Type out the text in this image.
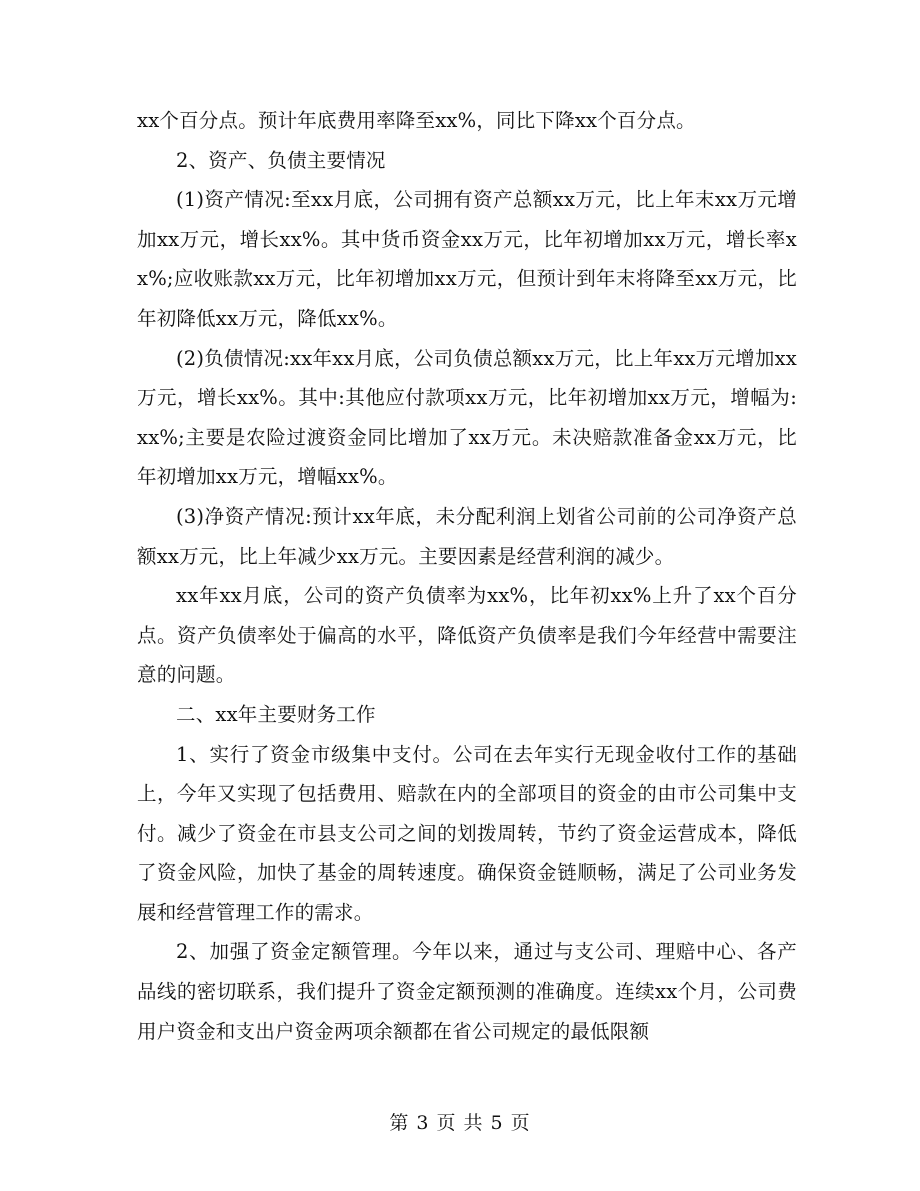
xx个百分点。预计年底费用率降至xx%，同比下降xx个百分点。

2、资产、负债主要情况

(1)资产情况:至xx月底，公司拥有资产总额xx万元，比上年末xx万元增加xx万元，增长xx%。其中货币资金xx万元，比年初增加xx万元，增长率xx%;应收账款xx万元，比年初增加xx万元，但预计到年末将降至xx万元，比年初降低xx万元，降低xx%。

(2)负债情况:xx年xx月底，公司负债总额xx万元，比上年xx万元增加xx万元，增长xx%。其中:其他应付款项xx万元，比年初增加xx万元，增幅为:xx%;主要是农险过渡资金同比增加了xx万元。未决赔款准备金xx万元，比年初增加xx万元，增幅xx%。

(3)净资产情况:预计xx年底，未分配利润上划省公司前的公司净资产总额xx万元，比上年减少xx万元。主要因素是经营利润的减少。

xx年xx月底，公司的资产负债率为xx%，比年初xx%上升了xx个百分点。资产负债率处于偏高的水平，降低资产负债率是我们今年经营中需要注意的问题。

二、xx年主要财务工作

1、实行了资金市级集中支付。公司在去年实行无现金收付工作的基础上，今年又实现了包括费用、赔款在内的全部项目的资金的由市公司集中支付。减少了资金在市县支公司之间的划拨周转，节约了资金运营成本，降低了资金风险，加快了基金的周转速度。确保资金链顺畅，满足了公司业务发展和经营管理工作的需求。

2、加强了资金定额管理。今年以来，通过与支公司、理赔中心、各产品线的密切联系，我们提升了资金定额预测的准确度。连续xx个月，公司费用户资金和支出户资金两项余额都在省公司规定的最低限额

第 3 页 共 5 页
